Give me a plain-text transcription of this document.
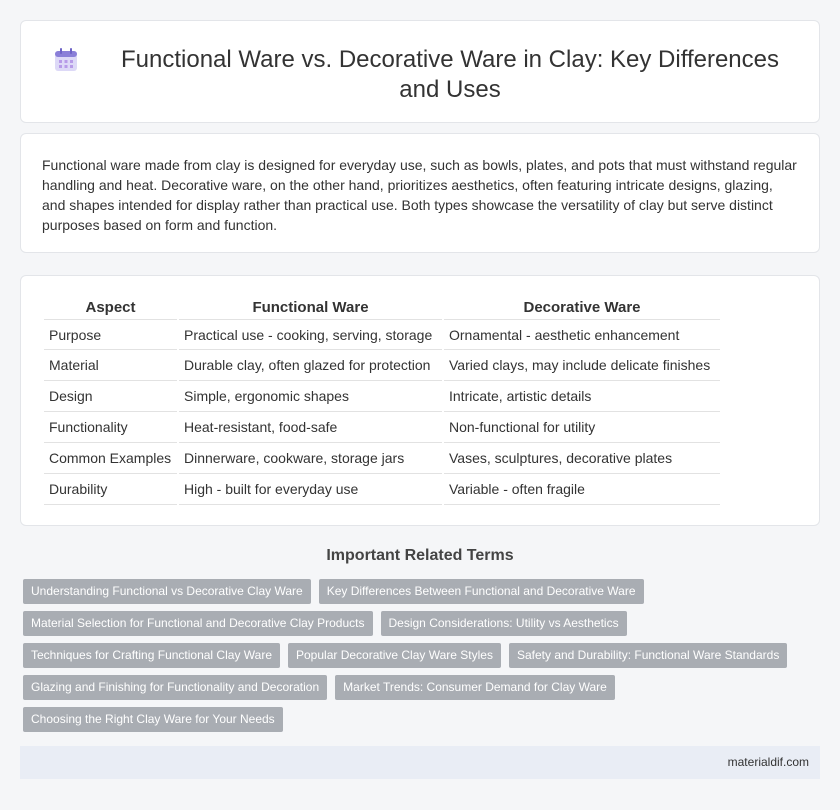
Functional Ware vs. Decorative Ware in Clay: Key Differences and Uses

Functional ware made from clay is designed for everyday use, such as bowls, plates, and pots that must withstand regular handling and heat. Decorative ware, on the other hand, prioritizes aesthetics, often featuring intricate designs, glazing, and shapes intended for display rather than practical use. Both types showcase the versatility of clay but serve distinct purposes based on form and function.

Aspect	Functional Ware	Decorative Ware
Purpose	Practical use - cooking, serving, storage	Ornamental - aesthetic enhancement
Material	Durable clay, often glazed for protection	Varied clays, may include delicate finishes
Design	Simple, ergonomic shapes	Intricate, artistic details
Functionality	Heat-resistant, food-safe	Non-functional for utility
Common Examples	Dinnerware, cookware, storage jars	Vases, sculptures, decorative plates
Durability	High - built for everyday use	Variable - often fragile
Important Related Terms
Understanding Functional vs Decorative Clay Ware	Key Differences Between Functional and Decorative Ware
Material Selection for Functional and Decorative Clay Products	Design Considerations: Utility vs Aesthetics
Techniques for Crafting Functional Clay Ware	Popular Decorative Clay Ware Styles	Safety and Durability: Functional Ware Standards
Glazing and Finishing for Functionality and Decoration	Market Trends: Consumer Demand for Clay Ware
Choosing the Right Clay Ware for Your Needs
materialdif.com
